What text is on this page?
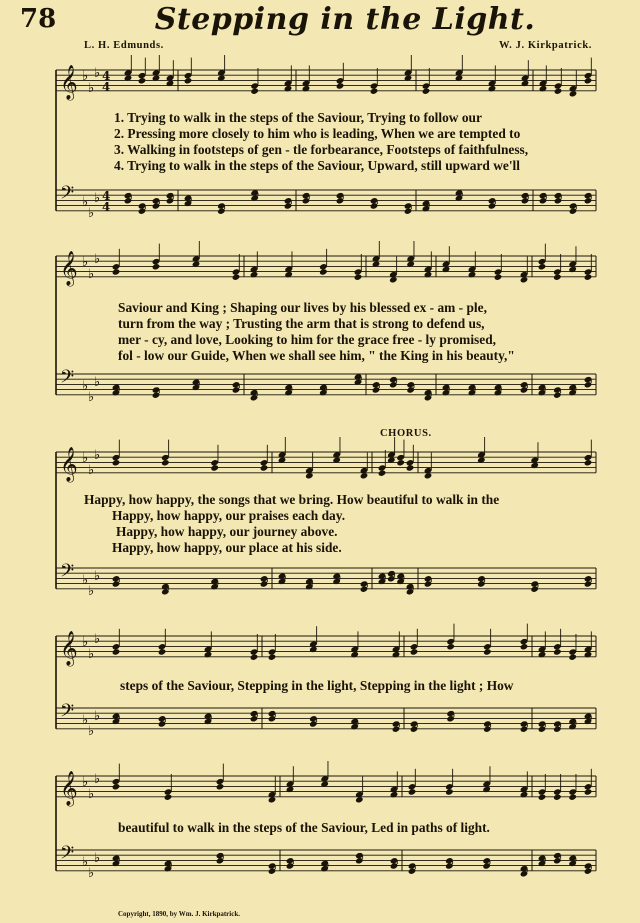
78	Stepping in the Light.
L. H. Edmunds.	W. J. Kirkpatrick.
4
4
4
4
𝄞 ♭
♭
♭
𝄢 ♭
♭
♭
𝄞 ♭
♭
♭
𝄢 ♭
♭
♭
𝄞 ♭
♭
♭
𝄢 ♭
♭
♭
𝄞 ♭
♭
♭
𝄢 ♭
♭
♭
𝄞 ♭
♭
♭
𝄢 ♭
♭
♭
1. Trying to walk in the steps of the Saviour, Trying to follow our
2. Pressing more closely to him who is leading, When we are tempted to
3. Walking in footsteps of gen - tle forbearance, Footsteps of faithfulness,
4. Trying to walk in the steps of the Saviour, Upward, still upward we'll
Saviour and King ; Shaping our lives by his blessed ex - am - ple,
turn from the way ; Trusting the arm that is strong to defend us,
mer - cy, and love, Looking to him for the grace free - ly promised,
fol - low our Guide, When we shall see him, " the King in his beauty,"
CHORUS.
Happy, how happy, the songs that we bring. How beautiful to walk in the
Happy, how happy, our praises each day.
Happy, how happy, our journey above.
Happy, how happy, our place at his side.
steps of the Saviour, Stepping in the light, Stepping in the light ; How
beautiful to walk in the steps of the Saviour, Led in paths of light.
Copyright, 1890, by Wm. J. Kirkpatrick.
